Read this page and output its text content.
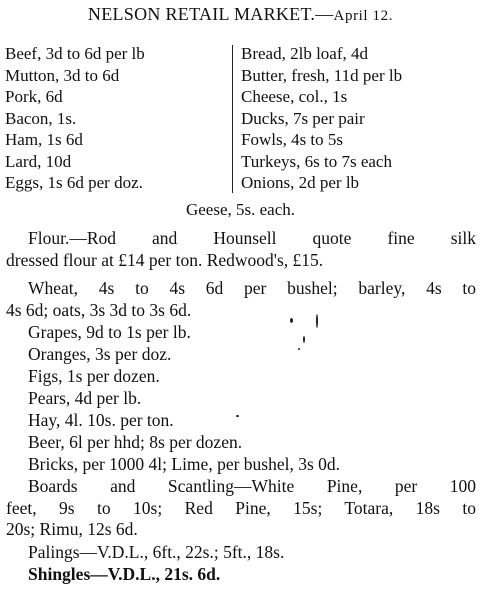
NELSON RETAIL MARKET.—April 12.
Beef, 3d to 6d per lb
Mutton, 3d to 6d
Pork, 6d
Bacon, 1s.
Ham, 1s 6d
Lard, 10d
Eggs, 1s 6d per doz.
Bread, 2lb loaf, 4d
Butter, fresh, 11d per lb
Cheese, col., 1s
Ducks, 7s per pair
Fowls, 4s to 5s
Turkeys, 6s to 7s each
Onions, 2d per lb
Geese, 5s. each.
Flour.—Rod and Hounsell quote fine silk
dressed flour at £14 per ton. Redwood's, £15.
Wheat, 4s to 4s 6d per bushel; barley, 4s to
4s 6d; oats, 3s 3d to 3s 6d.
Grapes, 9d to 1s per lb.
Oranges, 3s per doz.
Figs, 1s per dozen.
Pears, 4d per lb.
Hay, 4l. 10s. per ton.
Beer, 6l per hhd; 8s per dozen.
Bricks, per 1000 4l; Lime, per bushel, 3s 0d.
Boards and Scantling—White Pine, per 100
feet, 9s to 10s; Red Pine, 15s; Totara, 18s to
20s; Rimu, 12s 6d.
Palings—V.D.L., 6ft., 22s.; 5ft., 18s.
Shingles—V.D.L., 21s. 6d.
